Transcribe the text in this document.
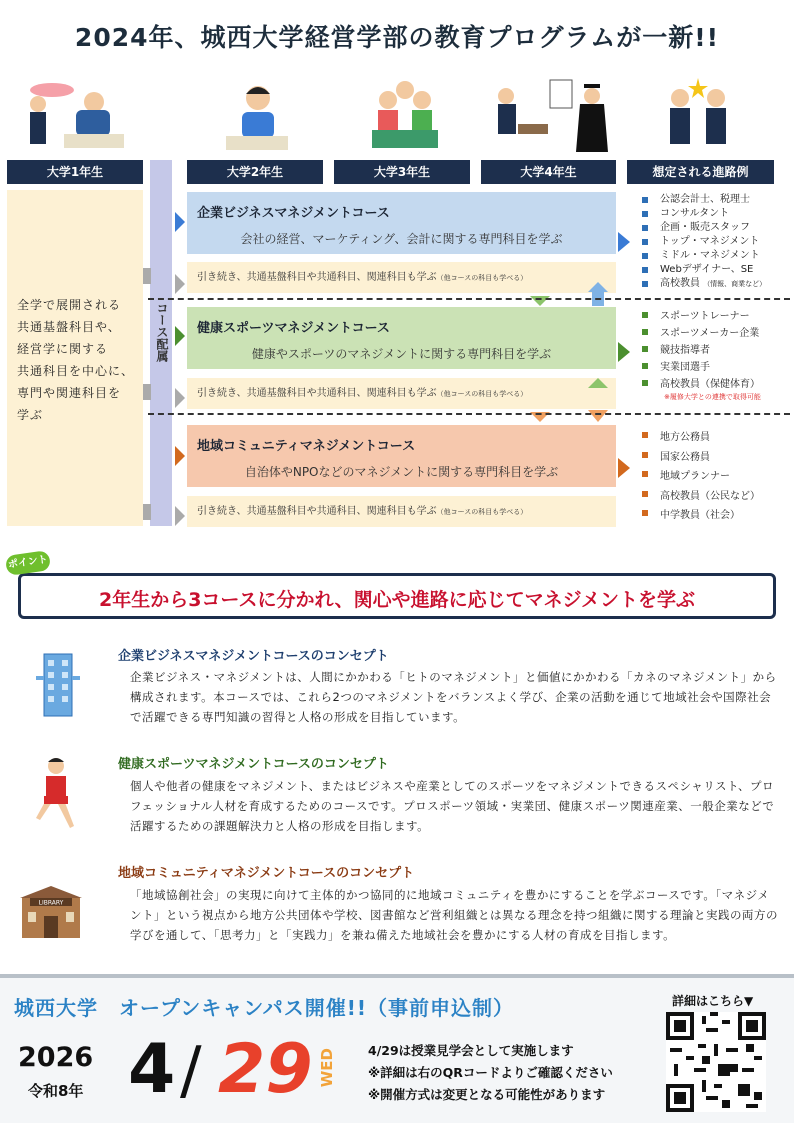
2024年、城西大学経営学部の教育プログラムが一新!!
大学1年生	大学2年生	大学3年生	大学4年生	想定される進路例

全学で展開される
共通基盤科目や、
経営学に関する
共通科目を中心に、
専門や関連科目を
学ぶ

コース配属
企業ビジネスマネジメントコース
会社の経営、マーケティング、会計に関する専門科目を学ぶ
引き続き、共通基盤科目や共通科目、関連科目も学ぶ（他コースの科目も学べる）
健康スポーツマネジメントコース
健康やスポーツのマネジメントに関する専門科目を学ぶ
引き続き、共通基盤科目や共通科目、関連科目も学ぶ（他コースの科目も学べる）
地域コミュニティマネジメントコース
自治体やNPOなどのマネジメントに関する専門科目を学ぶ
引き続き、共通基盤科目や共通科目、関連科目も学ぶ（他コースの科目も学べる）
公認会計士、税理士
コンサルタント
企画・販売スタッフ
トップ・マネジメント
ミドル・マネジメント
Webデザイナー、SE
高校教員 （情報、商業など）
スポーツトレーナー
スポーツメーカー企業
競技指導者
実業団選手
高校教員（保健体育）
※履修大学との連携で取得可能
地方公務員
国家公務員
地域プランナー
高校教員（公民など）
中学教員（社会）
2年生から3コースに分かれ、関心や進路に応じてマネジメントを学ぶ
ポイント
企業ビジネスマネジメントコースのコンセプト
企業ビジネス・マネジメントは、人間にかかわる「ヒトのマネジメント」と価値にかかわる「カネのマネジメント」から構成されます。本コースでは、これら2つのマネジメントをバランスよく学び、企業の活動を通じて地域社会や国際社会で活躍できる専門知識の習得と人格の形成を目指しています。
健康スポーツマネジメントコースのコンセプト
個人や他者の健康をマネジメント、またはビジネスや産業としてのスポーツをマネジメントできるスペシャリスト、プロフェッショナル人材を育成するためのコースです。プロスポーツ領域・実業団、健康スポーツ関連産業、一般企業などで活躍するための課題解決力と人格の形成を目指します。
LIBRARY
地域コミュニティマネジメントコースのコンセプト
「地域協創社会」の実現に向けて主体的かつ協同的に地域コミュニティを豊かにすることを学ぶコースです。「マネジメント」という視点から地方公共団体や学校、図書館など営利組織とは異なる理念を持つ組織に関する理論と実践の両方の学びを通して、「思考力」と「実践力」を兼ね備えた地域社会を豊かにする人材の育成を目指します。
城西大学　オープンキャンパス開催!!（事前申込制）
2026
令和8年 4 / 29 WED	4/29は授業見学会として実施します
※詳細は右のQRコードよりご確認ください
※開催方式は変更となる可能性があります
詳細はこちら▼
